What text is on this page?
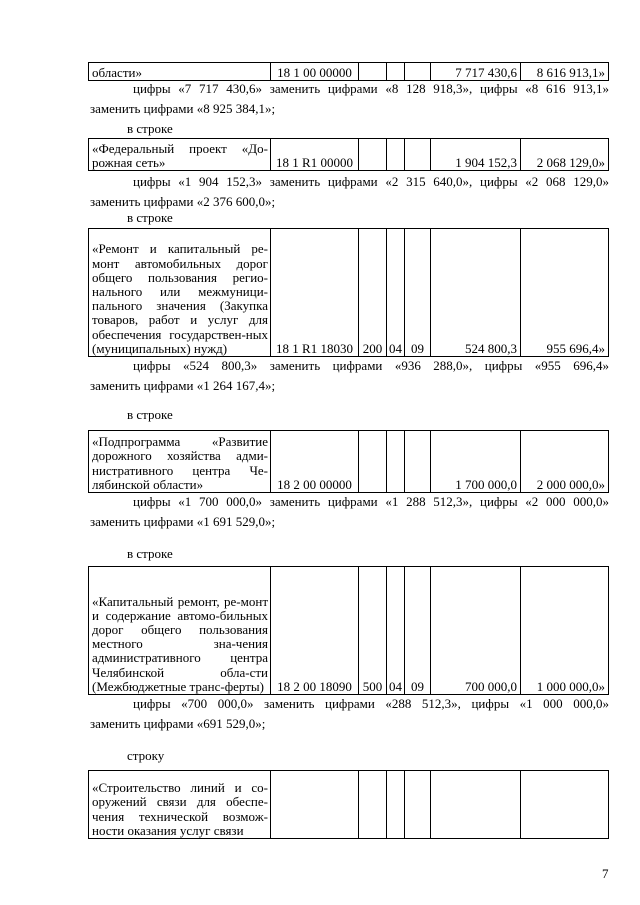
области»	18 1 00 00000				7 717 430,6	8 616 913,1»
«Федеральный проект «До-рожная сеть»	18 1 R1 00000				1 904 152,3	2 068 129,0»
«Ремонт и капитальный ре-монт автомобильных дорог общего пользования регио-нального или межмуници-пального значения (Закупка товаров, работ и услуг для обеспечения государствен-ных (муниципальных) нужд)	18 1 R1 18030	200	04	09	524 800,3	955 696,4»
«Подпрограмма «Развитие дорожного хозяйства адми-нистративного центра Че-лябинской области»	18 2 00 00000				1 700 000,0	2 000 000,0»
«Капитальный ремонт, ре-монт и содержание автомо-бильных дорог общего пользования местного зна-чения административного центра Челябинской обла-сти (Межбюджетные транс-ферты)	18 2 00 18090	500	04	09	700 000,0	1 000 000,0»
«Строительство линий и со-оружений связи для обеспе-чения технической возмож-ности оказания услуг связи						
цифры «7 717 430,6» заменить цифрами «8 128 918,3», цифры «8 616 913,1»
заменить цифрами «8 925 384,1»;
в строке
цифры «1 904 152,3» заменить цифрами «2 315 640,0», цифры «2 068 129,0»
заменить цифрами «2 376 600,0»;
в строке
цифры «524 800,3» заменить цифрами «936 288,0», цифры «955 696,4»
заменить цифрами «1 264 167,4»;
в строке
цифры «1 700 000,0» заменить цифрами «1 288 512,3», цифры «2 000 000,0»
заменить цифрами «1 691 529,0»;
в строке
цифры «700 000,0» заменить цифрами «288 512,3», цифры «1 000 000,0»
заменить цифрами «691 529,0»;
строку
7
